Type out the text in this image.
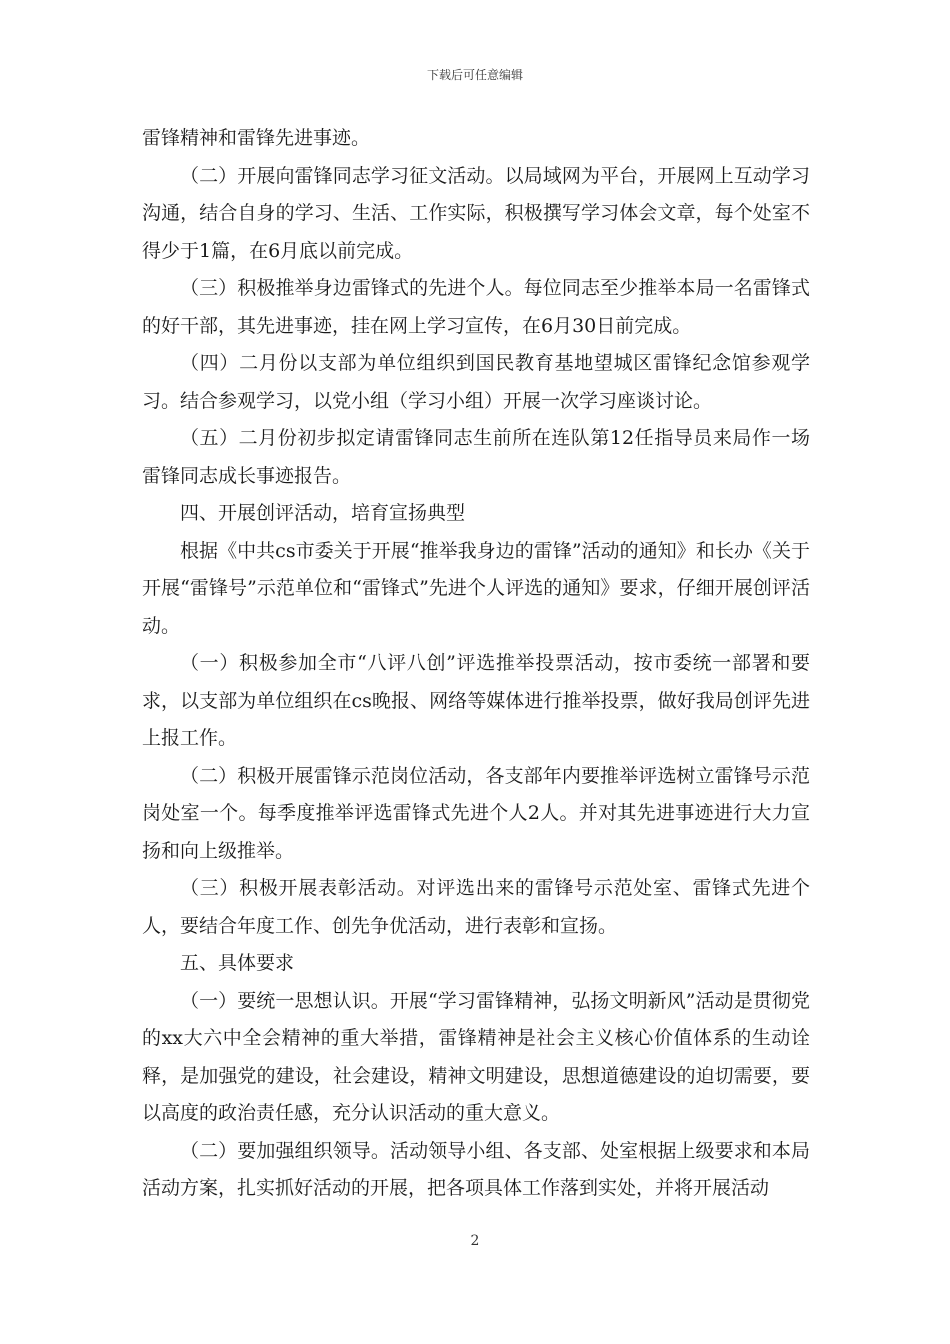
下载后可任意编辑

雷锋精神和雷锋先进事迹。

（二）开展向雷锋同志学习征文活动。以局域网为平台，开展网上互动学习沟通，结合自身的学习、生活、工作实际，积极撰写学习体会文章，每个处室不得少于1篇，在6月底以前完成。

（三）积极推举身边雷锋式的先进个人。每位同志至少推举本局一名雷锋式的好干部，其先进事迹，挂在网上学习宣传，在6月30日前完成。

（四）二月份以支部为单位组织到国民教育基地望城区雷锋纪念馆参观学习。结合参观学习，以党小组（学习小组）开展一次学习座谈讨论。

（五）二月份初步拟定请雷锋同志生前所在连队第12任指导员来局作一场雷锋同志成长事迹报告。

四、开展创评活动，培育宣扬典型

根据《中共cs市委关于开展“推举我身边的雷锋”活动的通知》和长办《关于开展“雷锋号”示范单位和“雷锋式”先进个人评选的通知》要求，仔细开展创评活动。

（一）积极参加全市“八评八创”评选推举投票活动，按市委统一部署和要求，以支部为单位组织在cs晚报、网络等媒体进行推举投票，做好我局创评先进上报工作。

（二）积极开展雷锋示范岗位活动，各支部年内要推举评选树立雷锋号示范岗处室一个。每季度推举评选雷锋式先进个人2人。并对其先进事迹进行大力宣扬和向上级推举。

（三）积极开展表彰活动。对评选出来的雷锋号示范处室、雷锋式先进个人，要结合年度工作、创先争优活动，进行表彰和宣扬。

五、具体要求

（一）要统一思想认识。开展“学习雷锋精神，弘扬文明新风”活动是贯彻党的xx大六中全会精神的重大举措，雷锋精神是社会主义核心价值体系的生动诠释，是加强党的建设，社会建设，精神文明建设，思想道德建设的迫切需要，要以高度的政治责任感，充分认识活动的重大意义。

（二）要加强组织领导。活动领导小组、各支部、处室根据上级要求和本局活动方案，扎实抓好活动的开展，把各项具体工作落到实处，并将开展活动

2
